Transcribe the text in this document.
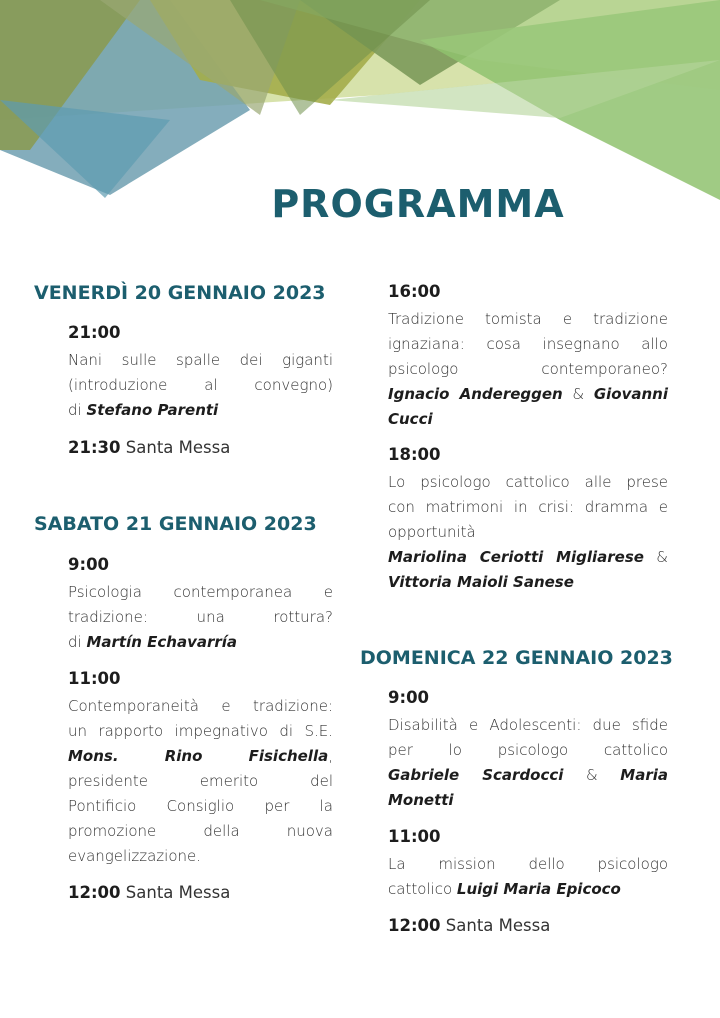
PROGRAMMA
VENERDÌ 20 GENNAIO 2023
21:00
Nani sulle spalle dei giganti
(introduzione al convegno)
di Stefano Parenti
21:30 Santa Messa
SABATO 21 GENNAIO 2023
9:00
Psicologia contemporanea e
tradizione: una rottura?
di Martín Echavarría
11:00
Contemporaneità e tradizione:
un rapporto impegnativo di S.E.
Mons. Rino Fisichella,
presidente emerito del
Pontificio Consiglio per la
promozione della nuova
evangelizzazione.
12:00 Santa Messa
16:00
Tradizione tomista e tradizione
ignaziana: cosa insegnano allo
psicologo contemporaneo?
Ignacio Andereggen & Giovanni
Cucci
18:00
Lo psicologo cattolico alle prese
con matrimoni in crisi: dramma e
opportunità
Mariolina Ceriotti Migliarese &
Vittoria Maioli Sanese
DOMENICA 22 GENNAIO 2023
9:00
Disabilità e Adolescenti: due sfide
per lo psicologo cattolico
Gabriele Scardocci & Maria
Monetti
11:00
La mission dello psicologo
cattolico Luigi Maria Epicoco
12:00 Santa Messa
